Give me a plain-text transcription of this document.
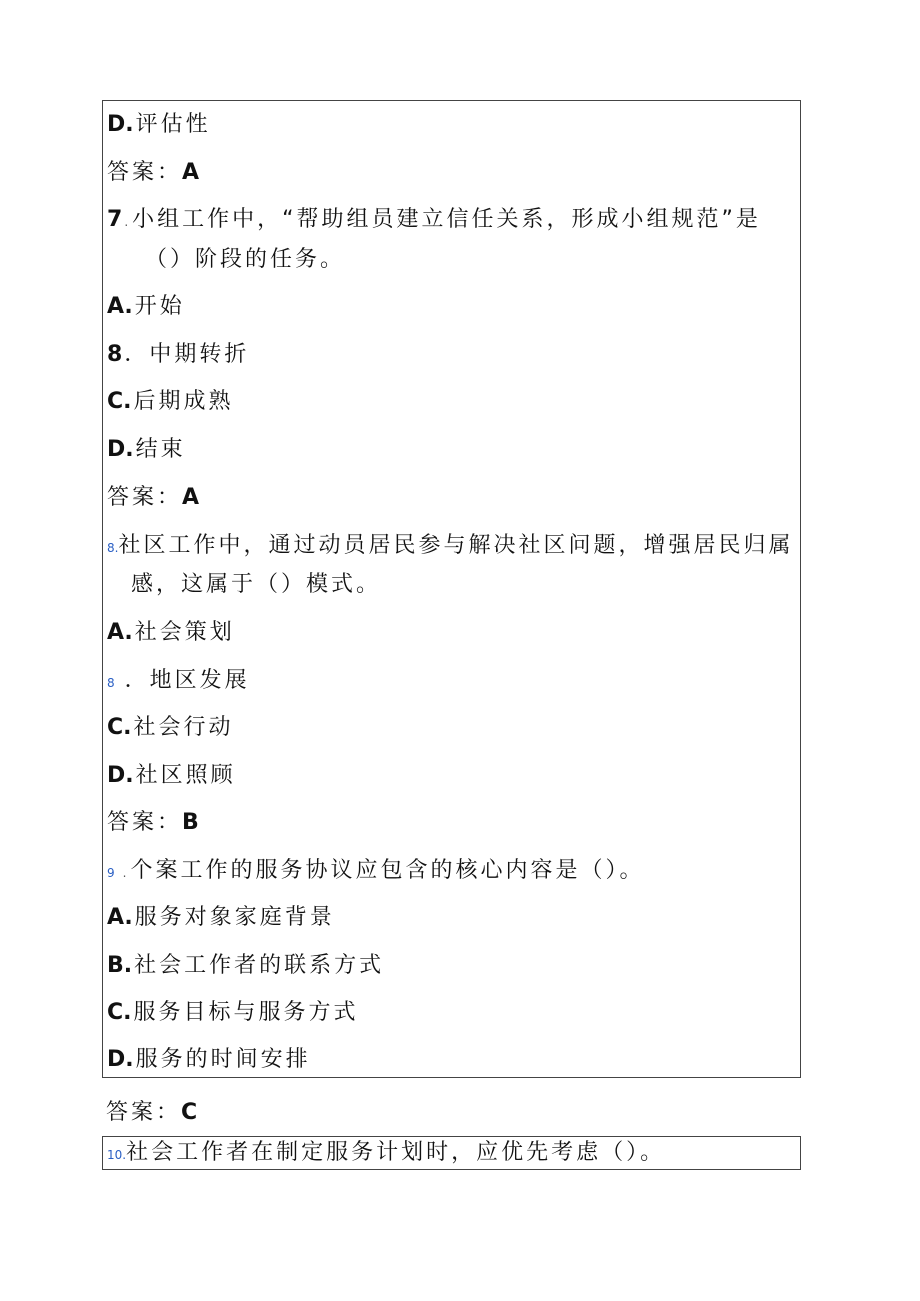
D.评估性
答案：A
7 . 小组工作中，“帮助组员建立信任关系，形成小组规范”是
（）阶段的任务。
A.开始
8．中期转折
C.后期成熟
D.结束
答案：A
8.社区工作中，通过动员居民参与解决社区问题，增强居民归属
感，这属于（）模式。
A.社会策划
8 ．地区发展
C.社会行动
D.社区照顾
答案：B
9 . 个案工作的服务协议应包含的核心内容是（）。
A.服务对象家庭背景
B.社会工作者的联系方式
C.服务目标与服务方式
D.服务的时间安排
答案：C
10.社会工作者在制定服务计划时，应优先考虑（）。
